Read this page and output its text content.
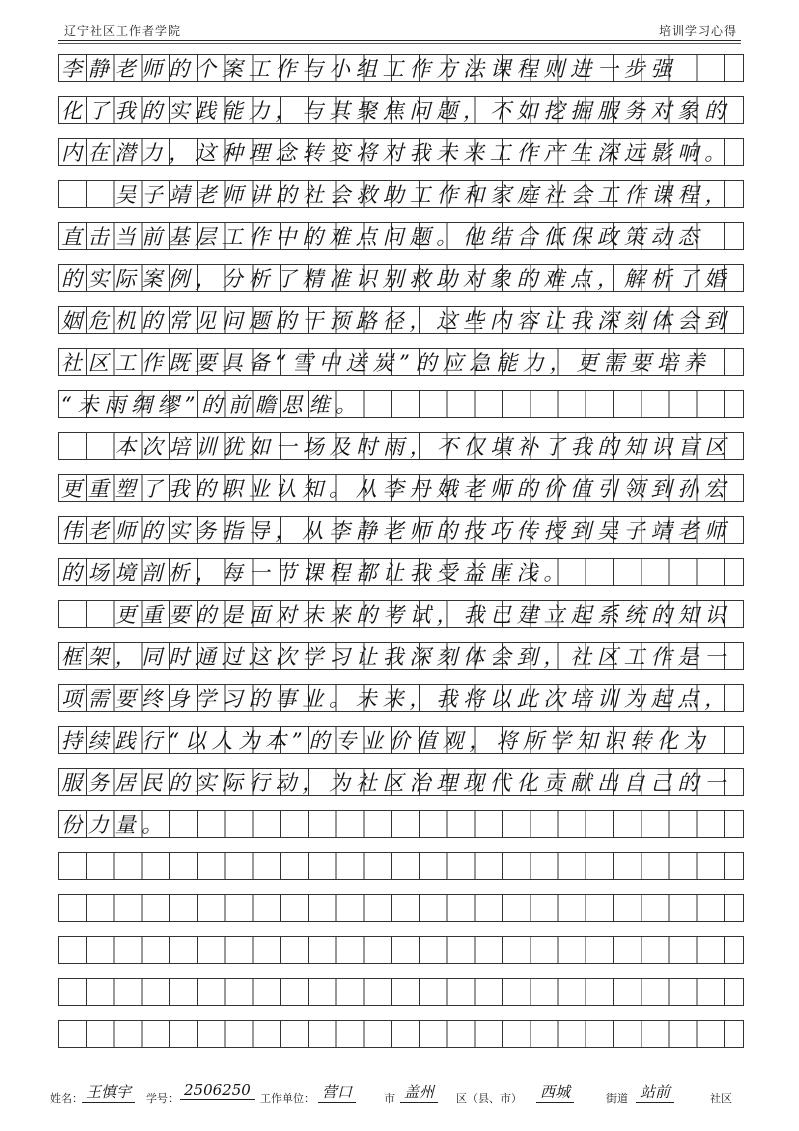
辽宁社区工作者学院	培训学习心得
李静老师的个案工作与小组工作方法课程则进一步强
化了我的实践能力，与其聚焦问题，不如挖掘服务对象的
内在潜力，这种理念转变将对我未来工作产生深远影响。
吴子靖老师讲的社会救助工作和家庭社会工作课程，
直击当前基层工作中的难点问题。他结合低保政策动态
的实际案例，分析了精准识别救助对象的难点，解析了婚
姻危机的常见问题的干预路径，这些内容让我深刻体会到
社区工作既要具备“雪中送炭”的应急能力，更需要培养
“未雨绸缪”的前瞻思维。
本次培训犹如一场及时雨，不仅填补了我的知识盲区
更重塑了我的职业认知。从李丹娥老师的价值引领到孙宏
伟老师的实务指导，从李静老师的技巧传授到吴子靖老师
的场境剖析，每一节课程都让我受益匪浅。
更重要的是面对未来的考试，我已建立起系统的知识
框架，同时通过这次学习让我深刻体会到，社区工作是一
项需要终身学习的事业。未来，我将以此次培训为起点，
持续践行“以人为本”的专业价值观，将所学知识转化为
服务居民的实际行动，为社区治理现代化贡献出自己的一
份力量。
姓名： 王慎宇	学号： 2506250 工作单位： 营口	市 盖州	区（县、市） 西城	街道 站前	社区
